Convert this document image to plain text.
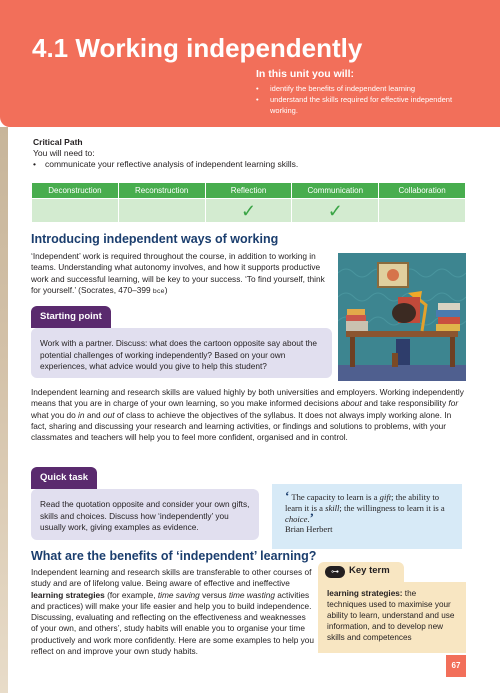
4.1 Working independently
In this unit you will:
• identify the benefits of independent learning
• understand the skills required for effective independent working.
Critical Path
You will need to:
• communicate your reflective analysis of independent learning skills.
Deconstruction	Reconstruction	Reflection	Communication	Collaboration
		✓	✓	
Introducing independent ways of working

‘Independent’ work is required throughout the course, in addition to working in teams. Understanding what autonomy involves, and how it supports productive work and successful learning, will be key to your success. ‘To find yourself, think for yourself.’ (Socrates, 470–399 bce)

Starting point
Work with a partner. Discuss: what does the cartoon opposite say about the potential challenges of working independently? Based on your own experiences, what advice would you give to help this student?

Independent learning and research skills are valued highly by both universities and employers. Working independently means that you are in charge of your own learning, so you make informed decisions about and take responsibility for what you do in and out of class to achieve the objectives of the syllabus. It does not always imply working alone. In fact, sharing and discussing your research and learning activities, or findings and solutions to problems, with your classmates and teachers will help you to feel more confident, organised and in control.

Quick task
Read the quotation opposite and consider your own gifts, skills and choices. Discuss how ‘independently’ you usually work, giving examples as evidence.
‘ The capacity to learn is a gift; the ability to learn it is a skill; the willingness to learn it is a choice.’
Brian Herbert
What are the benefits of ‘independent’ learning?

Independent learning and research skills are transferable to other courses of study and are of lifelong value. Being aware of effective and ineffective learning strategies (for example, time saving versus time wasting activities and practices) will make your life easier and help you to build independence. Discussing, evaluating and reflecting on the effectiveness and weaknesses of your own, and others’, study habits will enable you to organise your time productively and work more confidently. Here are some examples to help you reflect on and improve your own study habits.

⊶	Key term
learning strategies: the techniques used to maximise your ability to learn, understand and use information, and to develop new skills and competences
67
